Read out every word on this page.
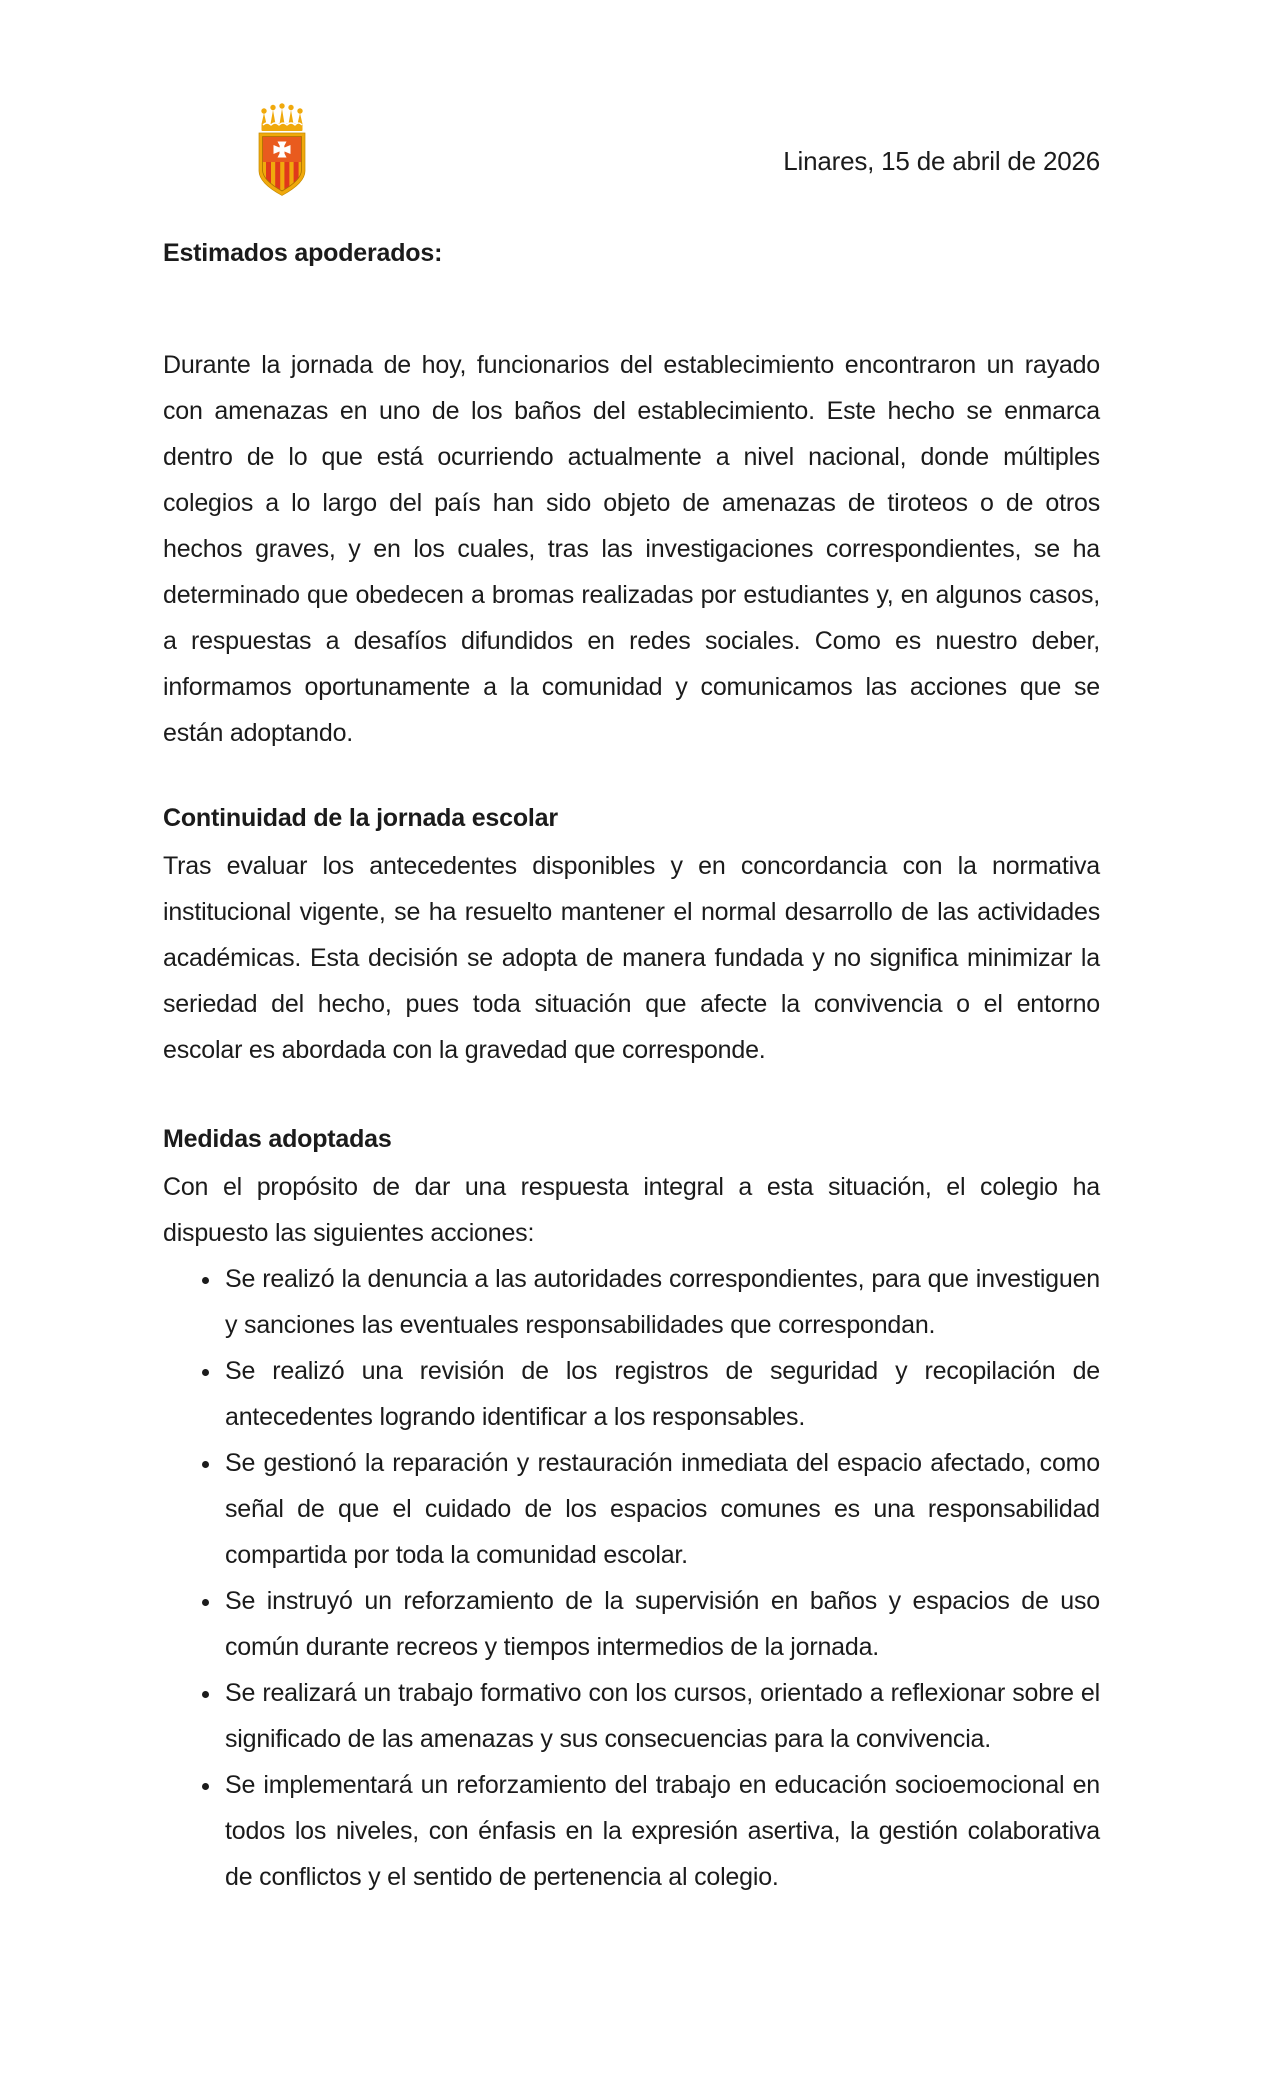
Linares, 15 de abril de 2026

Estimados apoderados:

Durante la jornada de hoy, funcionarios del establecimiento encontraron un rayado con amenazas en uno de los baños del establecimiento. Este hecho se enmarca dentro de lo que está ocurriendo actualmente a nivel nacional, donde múltiples colegios a lo largo del país han sido objeto de amenazas de tiroteos o de otros hechos graves, y en los cuales, tras las investigaciones correspondientes, se ha determinado que obedecen a bromas realizadas por estudiantes y, en algunos casos, a respuestas a desafíos difundidos en redes sociales. Como es nuestro deber, informamos oportunamente a la comunidad y comunicamos las acciones que se están adoptando.

Continuidad de la jornada escolar

Tras evaluar los antecedentes disponibles y en concordancia con la normativa institucional vigente, se ha resuelto mantener el normal desarrollo de las actividades académicas. Esta decisión se adopta de manera fundada y no significa minimizar la seriedad del hecho, pues toda situación que afecte la convivencia o el entorno escolar es abordada con la gravedad que corresponde.

Medidas adoptadas

Con el propósito de dar una respuesta integral a esta situación, el colegio ha dispuesto las siguientes acciones:

• Se realizó la denuncia a las autoridades correspondientes, para que investiguen y sanciones las eventuales responsabilidades que correspondan.
• Se realizó una revisión de los registros de seguridad y recopilación de antecedentes logrando identificar a los responsables.
• Se gestionó la reparación y restauración inmediata del espacio afectado, como señal de que el cuidado de los espacios comunes es una responsabilidad compartida por toda la comunidad escolar.
• Se instruyó un reforzamiento de la supervisión en baños y espacios de uso común durante recreos y tiempos intermedios de la jornada.
• Se realizará un trabajo formativo con los cursos, orientado a reflexionar sobre el significado de las amenazas y sus consecuencias para la convivencia.
• Se implementará un reforzamiento del trabajo en educación socioemocional en todos los niveles, con énfasis en la expresión asertiva, la gestión colaborativa de conflictos y el sentido de pertenencia al colegio.
